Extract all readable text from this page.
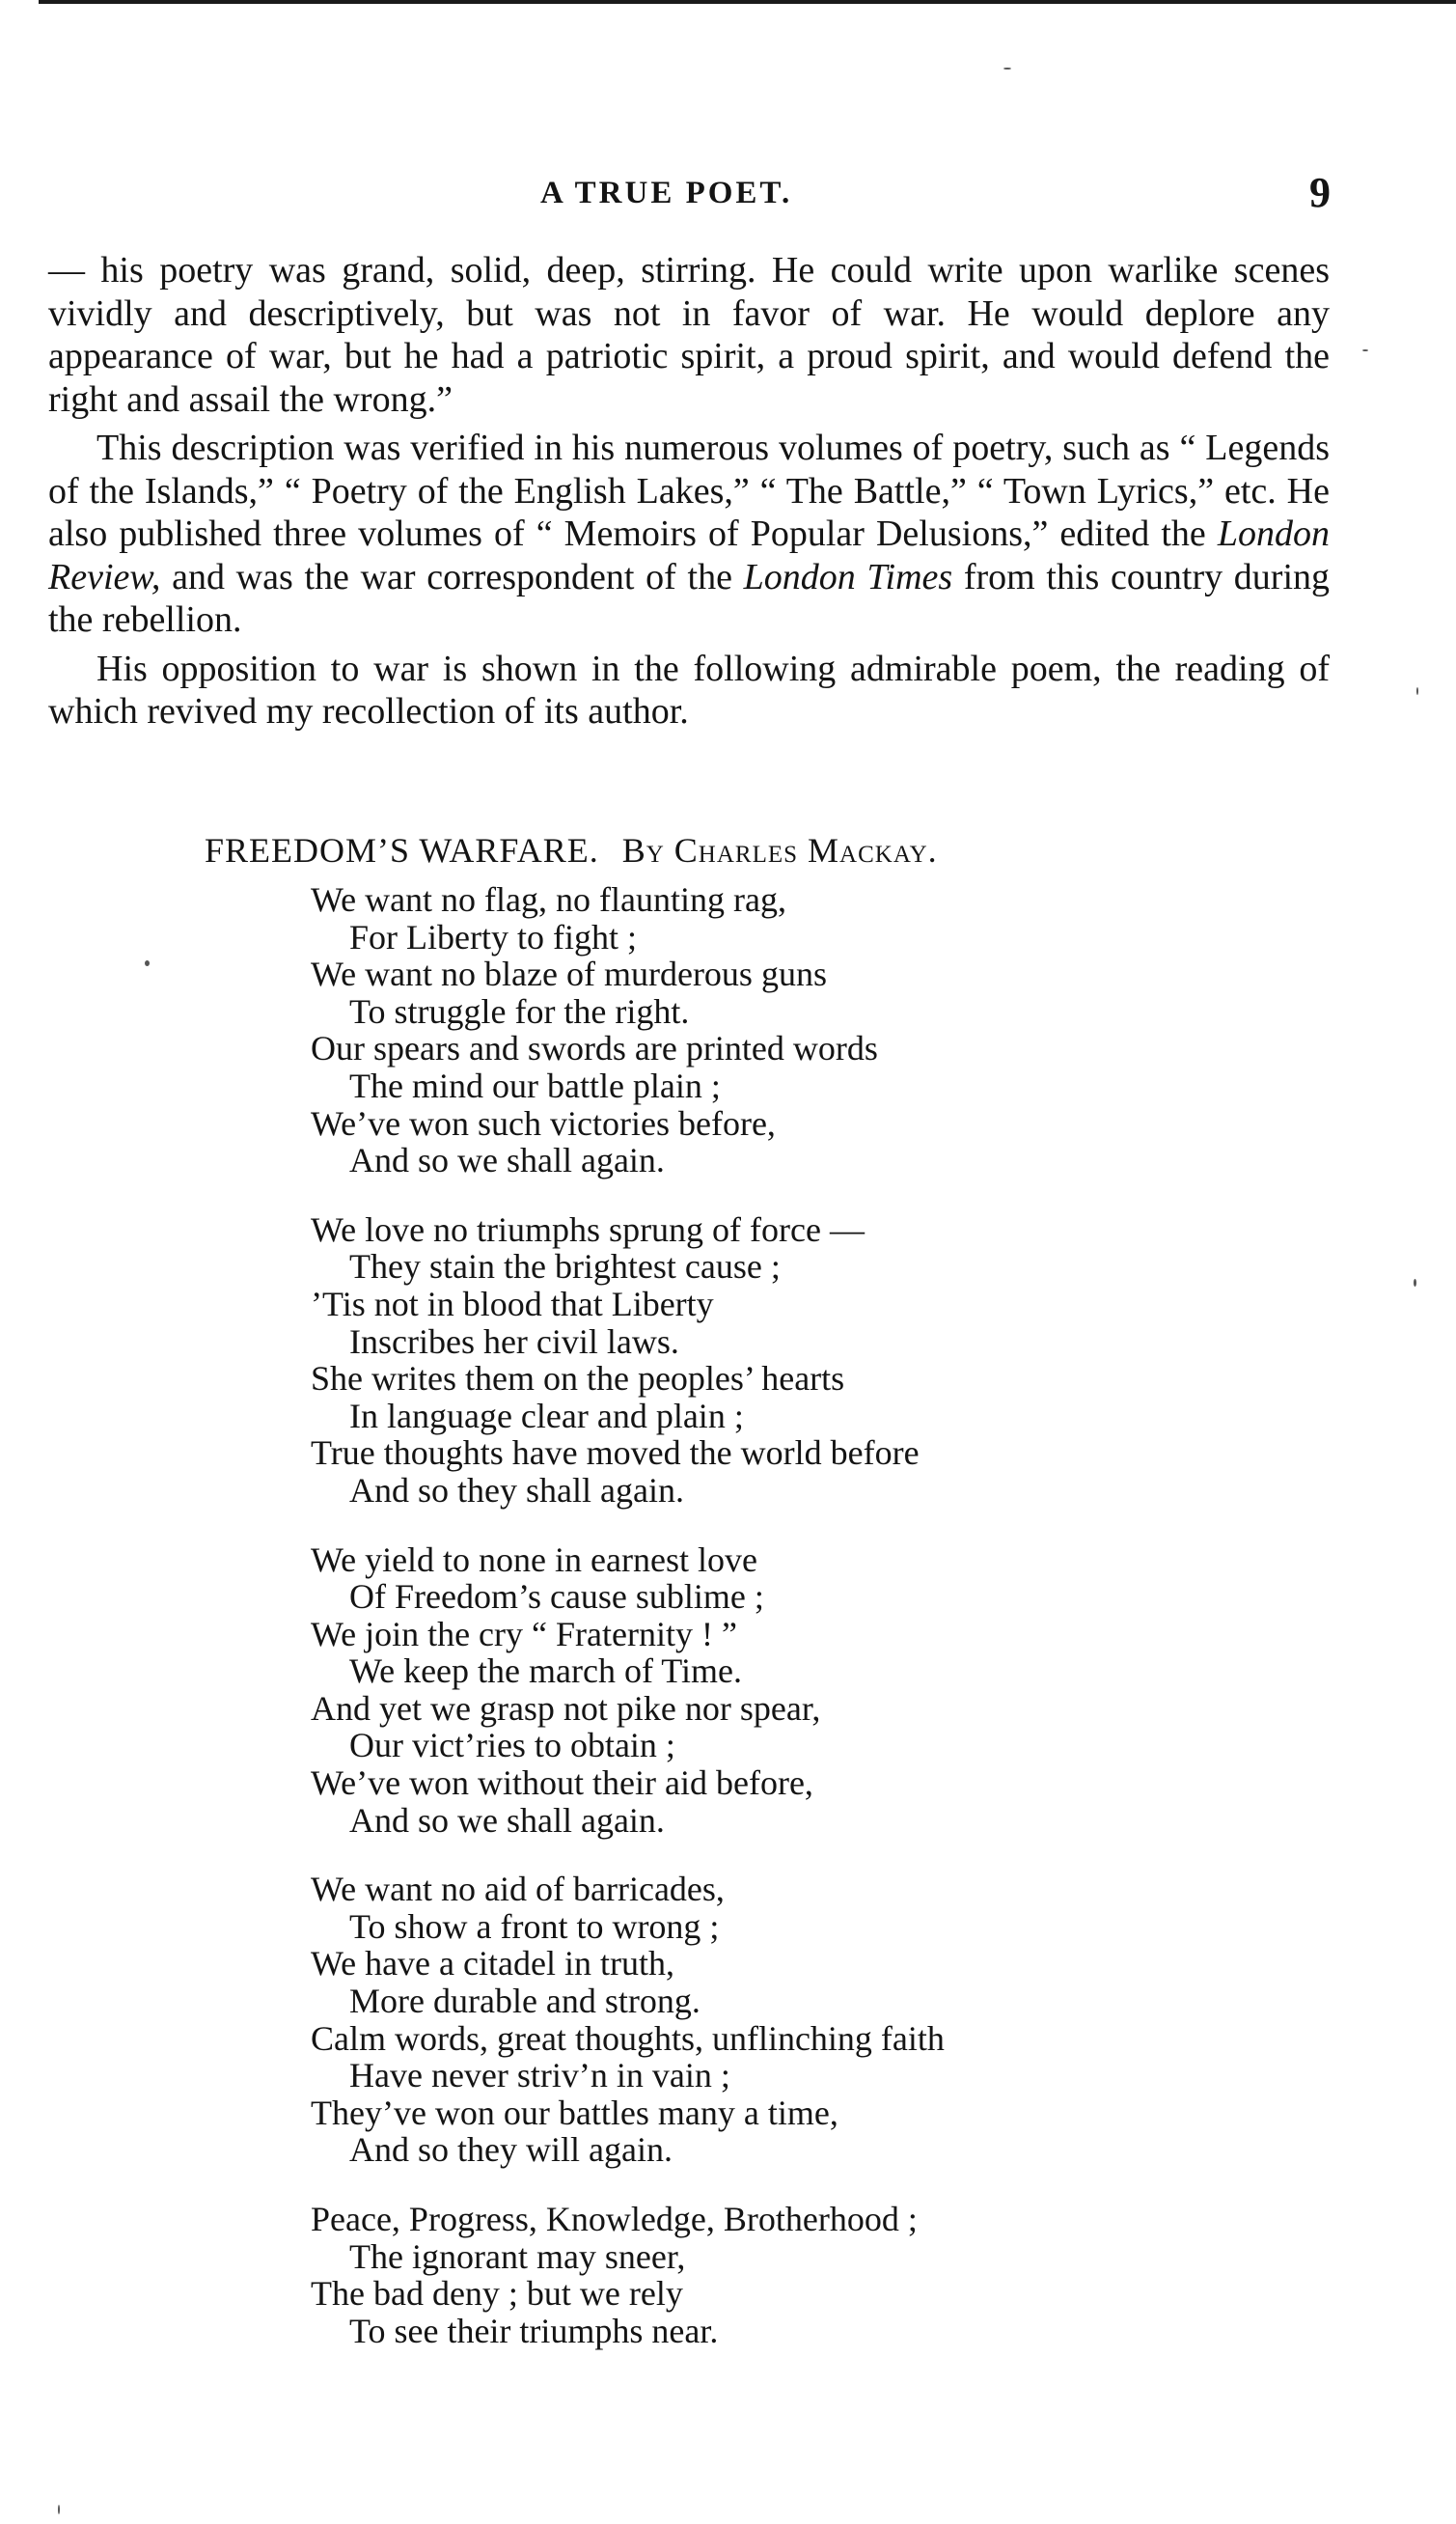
A TRUE POET.	9

— his poetry was grand, solid, deep, stirring. He could write upon warlike scenes vividly and descriptively, but was not in favor of war. He would deplore any appearance of war, but he had a patriotic spirit, a proud spirit, and would defend the right and assail the wrong.”

This description was verified in his numerous volumes of poetry, such as “ Legends of the Islands,” “ Poetry of the English Lakes,” “ The Battle,” “ Town Lyrics,” etc. He also published three volumes of “ Memoirs of Popular Delusions,” edited the London Review, and was the war correspondent of the London Times from this country during the rebellion.

His opposition to war is shown in the following admirable poem, the reading of which revived my recollection of its author.

FREEDOM’S WARFARE. By Charles Mackay.
We want no flag, no flaunting rag,
For Liberty to fight ;
We want no blaze of murderous guns
To struggle for the right.
Our spears and swords are printed words
The mind our battle plain ;
We’ve won such victories before,
And so we shall again.
We love no triumphs sprung of force —
They stain the brightest cause ;
’Tis not in blood that Liberty
Inscribes her civil laws.
She writes them on the peoples’ hearts
In language clear and plain ;
True thoughts have moved the world before
And so they shall again.
We yield to none in earnest love
Of Freedom’s cause sublime ;
We join the cry “ Fraternity ! ”
We keep the march of Time.
And yet we grasp not pike nor spear,
Our vict’ries to obtain ;
We’ve won without their aid before,
And so we shall again.
We want no aid of barricades,
To show a front to wrong ;
We have a citadel in truth,
More durable and strong.
Calm words, great thoughts, unflinching faith
Have never striv’n in vain ;
They’ve won our battles many a time,
And so they will again.
Peace, Progress, Knowledge, Brotherhood ;
The ignorant may sneer,
The bad deny ; but we rely
To see their triumphs near.
